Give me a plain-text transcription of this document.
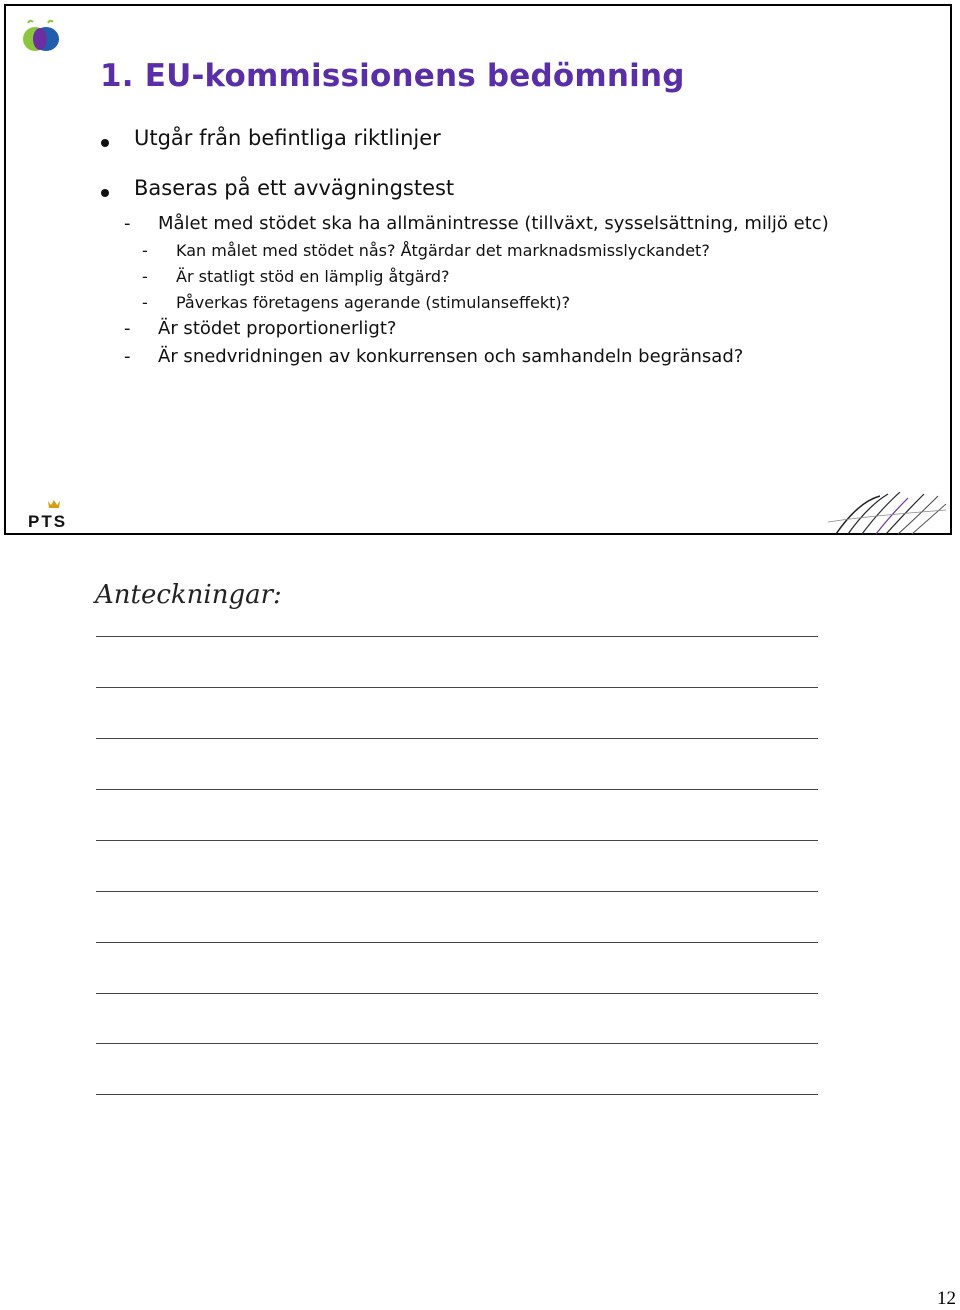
1. EU-kommissionens bedömning
Utgår från befintliga riktlinjer
Baseras på ett avvägningstest
- Målet med stödet ska ha allmänintresse (tillväxt, sysselsättning, miljö etc)
- Kan målet med stödet nås? Åtgärdar det marknadsmisslyckandet?
- Är statligt stöd en lämplig åtgärd?
- Påverkas företagens agerande (stimulanseffekt)?
- Är stödet proportionerligt?
- Är snedvridningen av konkurrensen och samhandeln begränsad?
PTS
Anteckningar:
12
